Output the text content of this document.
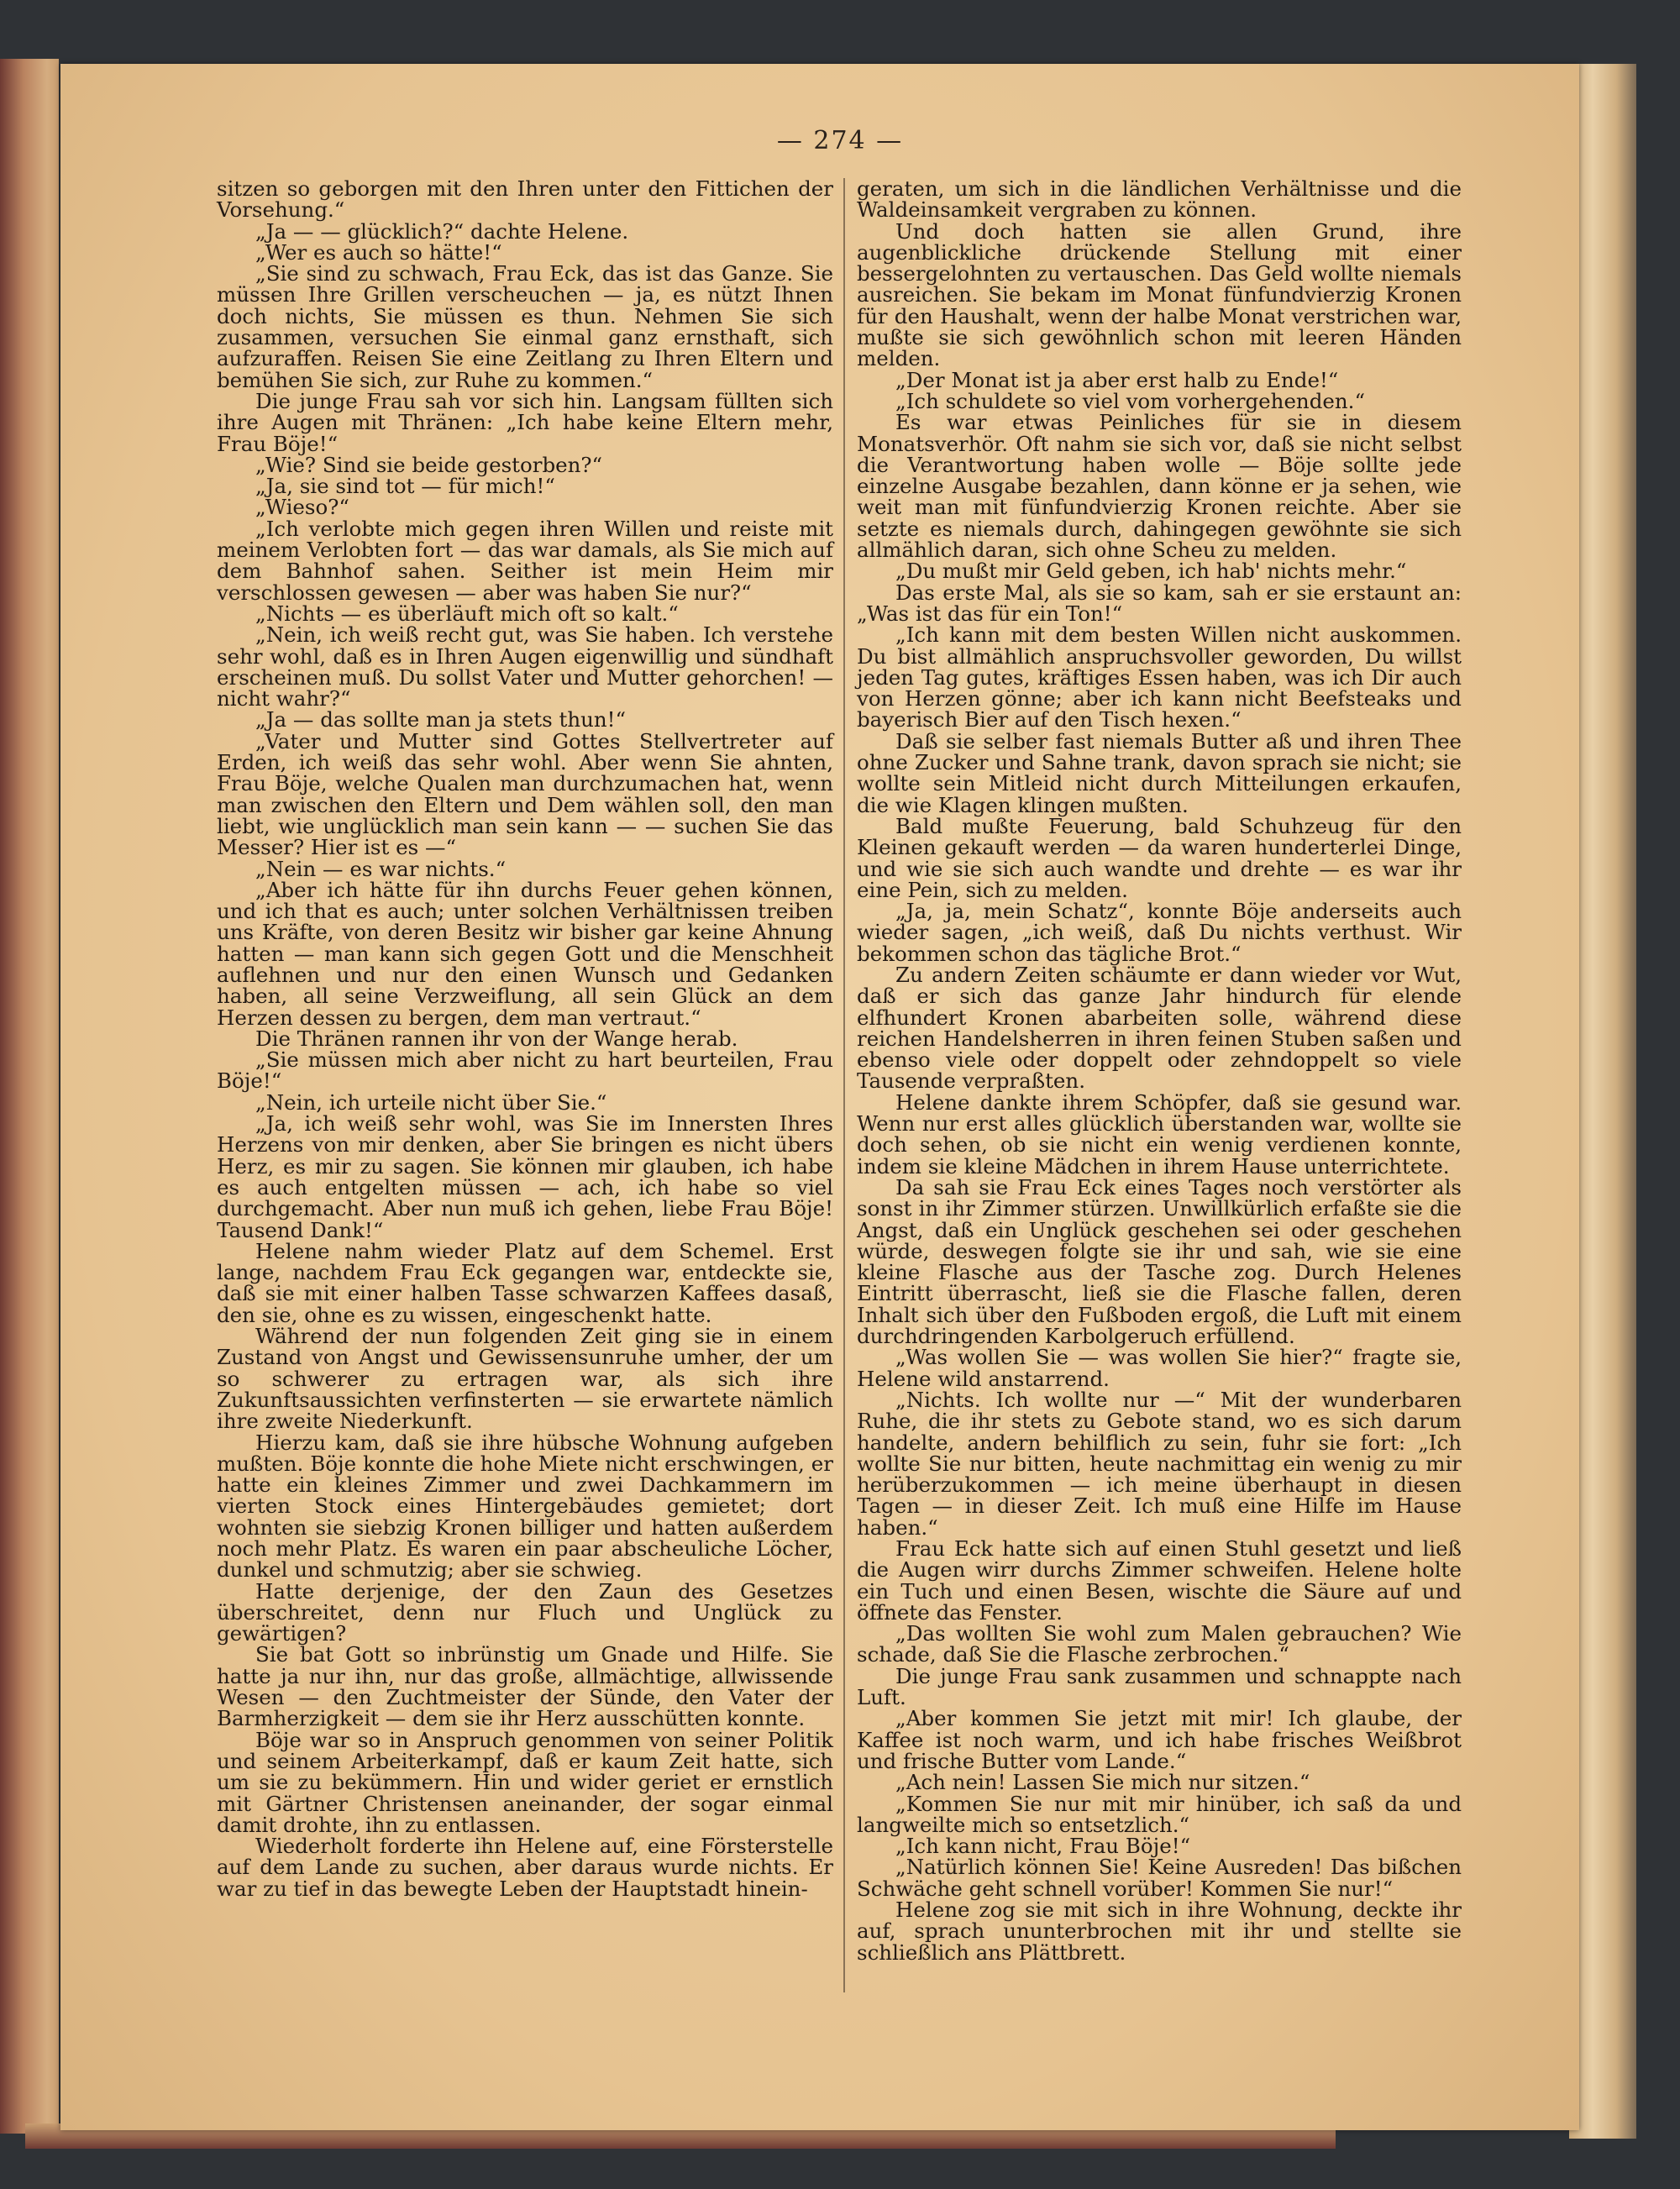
— 274 —

sitzen so geborgen mit den Ihren unter den Fittichen der Vorsehung.“

„Ja — — glücklich?“ dachte Helene.

„Wer es auch so hätte!“

„Sie sind zu schwach, Frau Eck, das ist das Ganze. Sie müssen Ihre Grillen verscheuchen — ja, es nützt Ihnen doch nichts, Sie müssen es thun. Nehmen Sie sich zusammen, versuchen Sie einmal ganz ernsthaft, sich aufzuraffen. Reisen Sie eine Zeitlang zu Ihren Eltern und bemühen Sie sich, zur Ruhe zu kommen.“

Die junge Frau sah vor sich hin. Langsam füllten sich ihre Augen mit Thränen: „Ich habe keine Eltern mehr, Frau Böje!“

„Wie? Sind sie beide gestorben?“

„Ja, sie sind tot — für mich!“

„Wieso?“

„Ich verlobte mich gegen ihren Willen und reiste mit meinem Verlobten fort — das war damals, als Sie mich auf dem Bahnhof sahen. Seither ist mein Heim mir verschlossen gewesen — aber was haben Sie nur?“

„Nichts — es überläuft mich oft so kalt.“

„Nein, ich weiß recht gut, was Sie haben. Ich verstehe sehr wohl, daß es in Ihren Augen eigenwillig und sündhaft erscheinen muß. Du sollst Vater und Mutter gehorchen! — nicht wahr?“

„Ja — das sollte man ja stets thun!“

„Vater und Mutter sind Gottes Stellvertreter auf Erden, ich weiß das sehr wohl. Aber wenn Sie ahnten, Frau Böje, welche Qualen man durchzumachen hat, wenn man zwischen den Eltern und Dem wählen soll, den man liebt, wie unglücklich man sein kann — — suchen Sie das Messer? Hier ist es —“

„Nein — es war nichts.“

„Aber ich hätte für ihn durchs Feuer gehen können, und ich that es auch; unter solchen Verhältnissen treiben uns Kräfte, von deren Besitz wir bisher gar keine Ahnung hatten — man kann sich gegen Gott und die Menschheit auflehnen und nur den einen Wunsch und Gedanken haben, all seine Verzweiflung, all sein Glück an dem Herzen dessen zu bergen, dem man vertraut.“

Die Thränen rannen ihr von der Wange herab.

„Sie müssen mich aber nicht zu hart beurteilen, Frau Böje!“

„Nein, ich urteile nicht über Sie.“

„Ja, ich weiß sehr wohl, was Sie im Innersten Ihres Herzens von mir denken, aber Sie bringen es nicht übers Herz, es mir zu sagen. Sie können mir glauben, ich habe es auch entgelten müssen — ach, ich habe so viel durchgemacht. Aber nun muß ich gehen, liebe Frau Böje! Tausend Dank!“

Helene nahm wieder Platz auf dem Schemel. Erst lange, nachdem Frau Eck gegangen war, entdeckte sie, daß sie mit einer halben Tasse schwarzen Kaffees dasaß, den sie, ohne es zu wissen, eingeschenkt hatte.

Während der nun folgenden Zeit ging sie in einem Zustand von Angst und Gewissensunruhe umher, der um so schwerer zu ertragen war, als sich ihre Zukunftsaussichten verfinsterten — sie erwartete nämlich ihre zweite Niederkunft.

Hierzu kam, daß sie ihre hübsche Wohnung aufgeben mußten. Böje konnte die hohe Miete nicht erschwingen, er hatte ein kleines Zimmer und zwei Dachkammern im vierten Stock eines Hintergebäudes gemietet; dort wohnten sie siebzig Kronen billiger und hatten außerdem noch mehr Platz. Es waren ein paar abscheuliche Löcher, dunkel und schmutzig; aber sie schwieg.

Hatte derjenige, der den Zaun des Gesetzes überschreitet, denn nur Fluch und Unglück zu gewärtigen?

Sie bat Gott so inbrünstig um Gnade und Hilfe. Sie hatte ja nur ihn, nur das große, allmächtige, allwissende Wesen — den Zuchtmeister der Sünde, den Vater der Barmherzigkeit — dem sie ihr Herz ausschütten konnte.

Böje war so in Anspruch genommen von seiner Politik und seinem Arbeiterkampf, daß er kaum Zeit hatte, sich um sie zu bekümmern. Hin und wider geriet er ernstlich mit Gärtner Christensen aneinander, der sogar einmal damit drohte, ihn zu entlassen.

Wiederholt forderte ihn Helene auf, eine Försterstelle auf dem Lande zu suchen, aber daraus wurde nichts. Er war zu tief in das bewegte Leben der Hauptstadt hinein-

geraten, um sich in die ländlichen Verhältnisse und die Waldeinsamkeit vergraben zu können.

Und doch hatten sie allen Grund, ihre augenblickliche drückende Stellung mit einer bessergelohnten zu vertauschen. Das Geld wollte niemals ausreichen. Sie bekam im Monat fünfundvierzig Kronen für den Haushalt, wenn der halbe Monat verstrichen war, mußte sie sich gewöhnlich schon mit leeren Händen melden.

„Der Monat ist ja aber erst halb zu Ende!“

„Ich schuldete so viel vom vorhergehenden.“

Es war etwas Peinliches für sie in diesem Monatsverhör. Oft nahm sie sich vor, daß sie nicht selbst die Verantwortung haben wolle — Böje sollte jede einzelne Ausgabe bezahlen, dann könne er ja sehen, wie weit man mit fünfundvierzig Kronen reichte. Aber sie setzte es niemals durch, dahingegen gewöhnte sie sich allmählich daran, sich ohne Scheu zu melden.

„Du mußt mir Geld geben, ich hab' nichts mehr.“

Das erste Mal, als sie so kam, sah er sie erstaunt an: „Was ist das für ein Ton!“

„Ich kann mit dem besten Willen nicht auskommen. Du bist allmählich anspruchsvoller geworden, Du willst jeden Tag gutes, kräftiges Essen haben, was ich Dir auch von Herzen gönne; aber ich kann nicht Beefsteaks und bayerisch Bier auf den Tisch hexen.“

Daß sie selber fast niemals Butter aß und ihren Thee ohne Zucker und Sahne trank, davon sprach sie nicht; sie wollte sein Mitleid nicht durch Mitteilungen erkaufen, die wie Klagen klingen mußten.

Bald mußte Feuerung, bald Schuhzeug für den Kleinen gekauft werden — da waren hunderterlei Dinge, und wie sie sich auch wandte und drehte — es war ihr eine Pein, sich zu melden.

„Ja, ja, mein Schatz“, konnte Böje anderseits auch wieder sagen, „ich weiß, daß Du nichts verthust. Wir bekommen schon das tägliche Brot.“

Zu andern Zeiten schäumte er dann wieder vor Wut, daß er sich das ganze Jahr hindurch für elende elfhundert Kronen abarbeiten solle, während diese reichen Handelsherren in ihren feinen Stuben saßen und ebenso viele oder doppelt oder zehndoppelt so viele Tausende verpraßten.

Helene dankte ihrem Schöpfer, daß sie gesund war. Wenn nur erst alles glücklich überstanden war, wollte sie doch sehen, ob sie nicht ein wenig verdienen konnte, indem sie kleine Mädchen in ihrem Hause unterrichtete.

Da sah sie Frau Eck eines Tages noch verstörter als sonst in ihr Zimmer stürzen. Unwillkürlich erfaßte sie die Angst, daß ein Unglück geschehen sei oder geschehen würde, deswegen folgte sie ihr und sah, wie sie eine kleine Flasche aus der Tasche zog. Durch Helenes Eintritt überrascht, ließ sie die Flasche fallen, deren Inhalt sich über den Fußboden ergoß, die Luft mit einem durchdringenden Karbolgeruch erfüllend.

„Was wollen Sie — was wollen Sie hier?“ fragte sie, Helene wild anstarrend.

„Nichts. Ich wollte nur —“ Mit der wunderbaren Ruhe, die ihr stets zu Gebote stand, wo es sich darum handelte, andern behilflich zu sein, fuhr sie fort: „Ich wollte Sie nur bitten, heute nachmittag ein wenig zu mir herüberzukommen — ich meine überhaupt in diesen Tagen — in dieser Zeit. Ich muß eine Hilfe im Hause haben.“

Frau Eck hatte sich auf einen Stuhl gesetzt und ließ die Augen wirr durchs Zimmer schweifen. Helene holte ein Tuch und einen Besen, wischte die Säure auf und öffnete das Fenster.

„Das wollten Sie wohl zum Malen gebrauchen? Wie schade, daß Sie die Flasche zerbrochen.“

Die junge Frau sank zusammen und schnappte nach Luft.

„Aber kommen Sie jetzt mit mir! Ich glaube, der Kaffee ist noch warm, und ich habe frisches Weißbrot und frische Butter vom Lande.“

„Ach nein! Lassen Sie mich nur sitzen.“

„Kommen Sie nur mit mir hinüber, ich saß da und langweilte mich so entsetzlich.“

„Ich kann nicht, Frau Böje!“

„Natürlich können Sie! Keine Ausreden! Das bißchen Schwäche geht schnell vorüber! Kommen Sie nur!“

Helene zog sie mit sich in ihre Wohnung, deckte ihr auf, sprach ununterbrochen mit ihr und stellte sie schließlich ans Plättbrett.
